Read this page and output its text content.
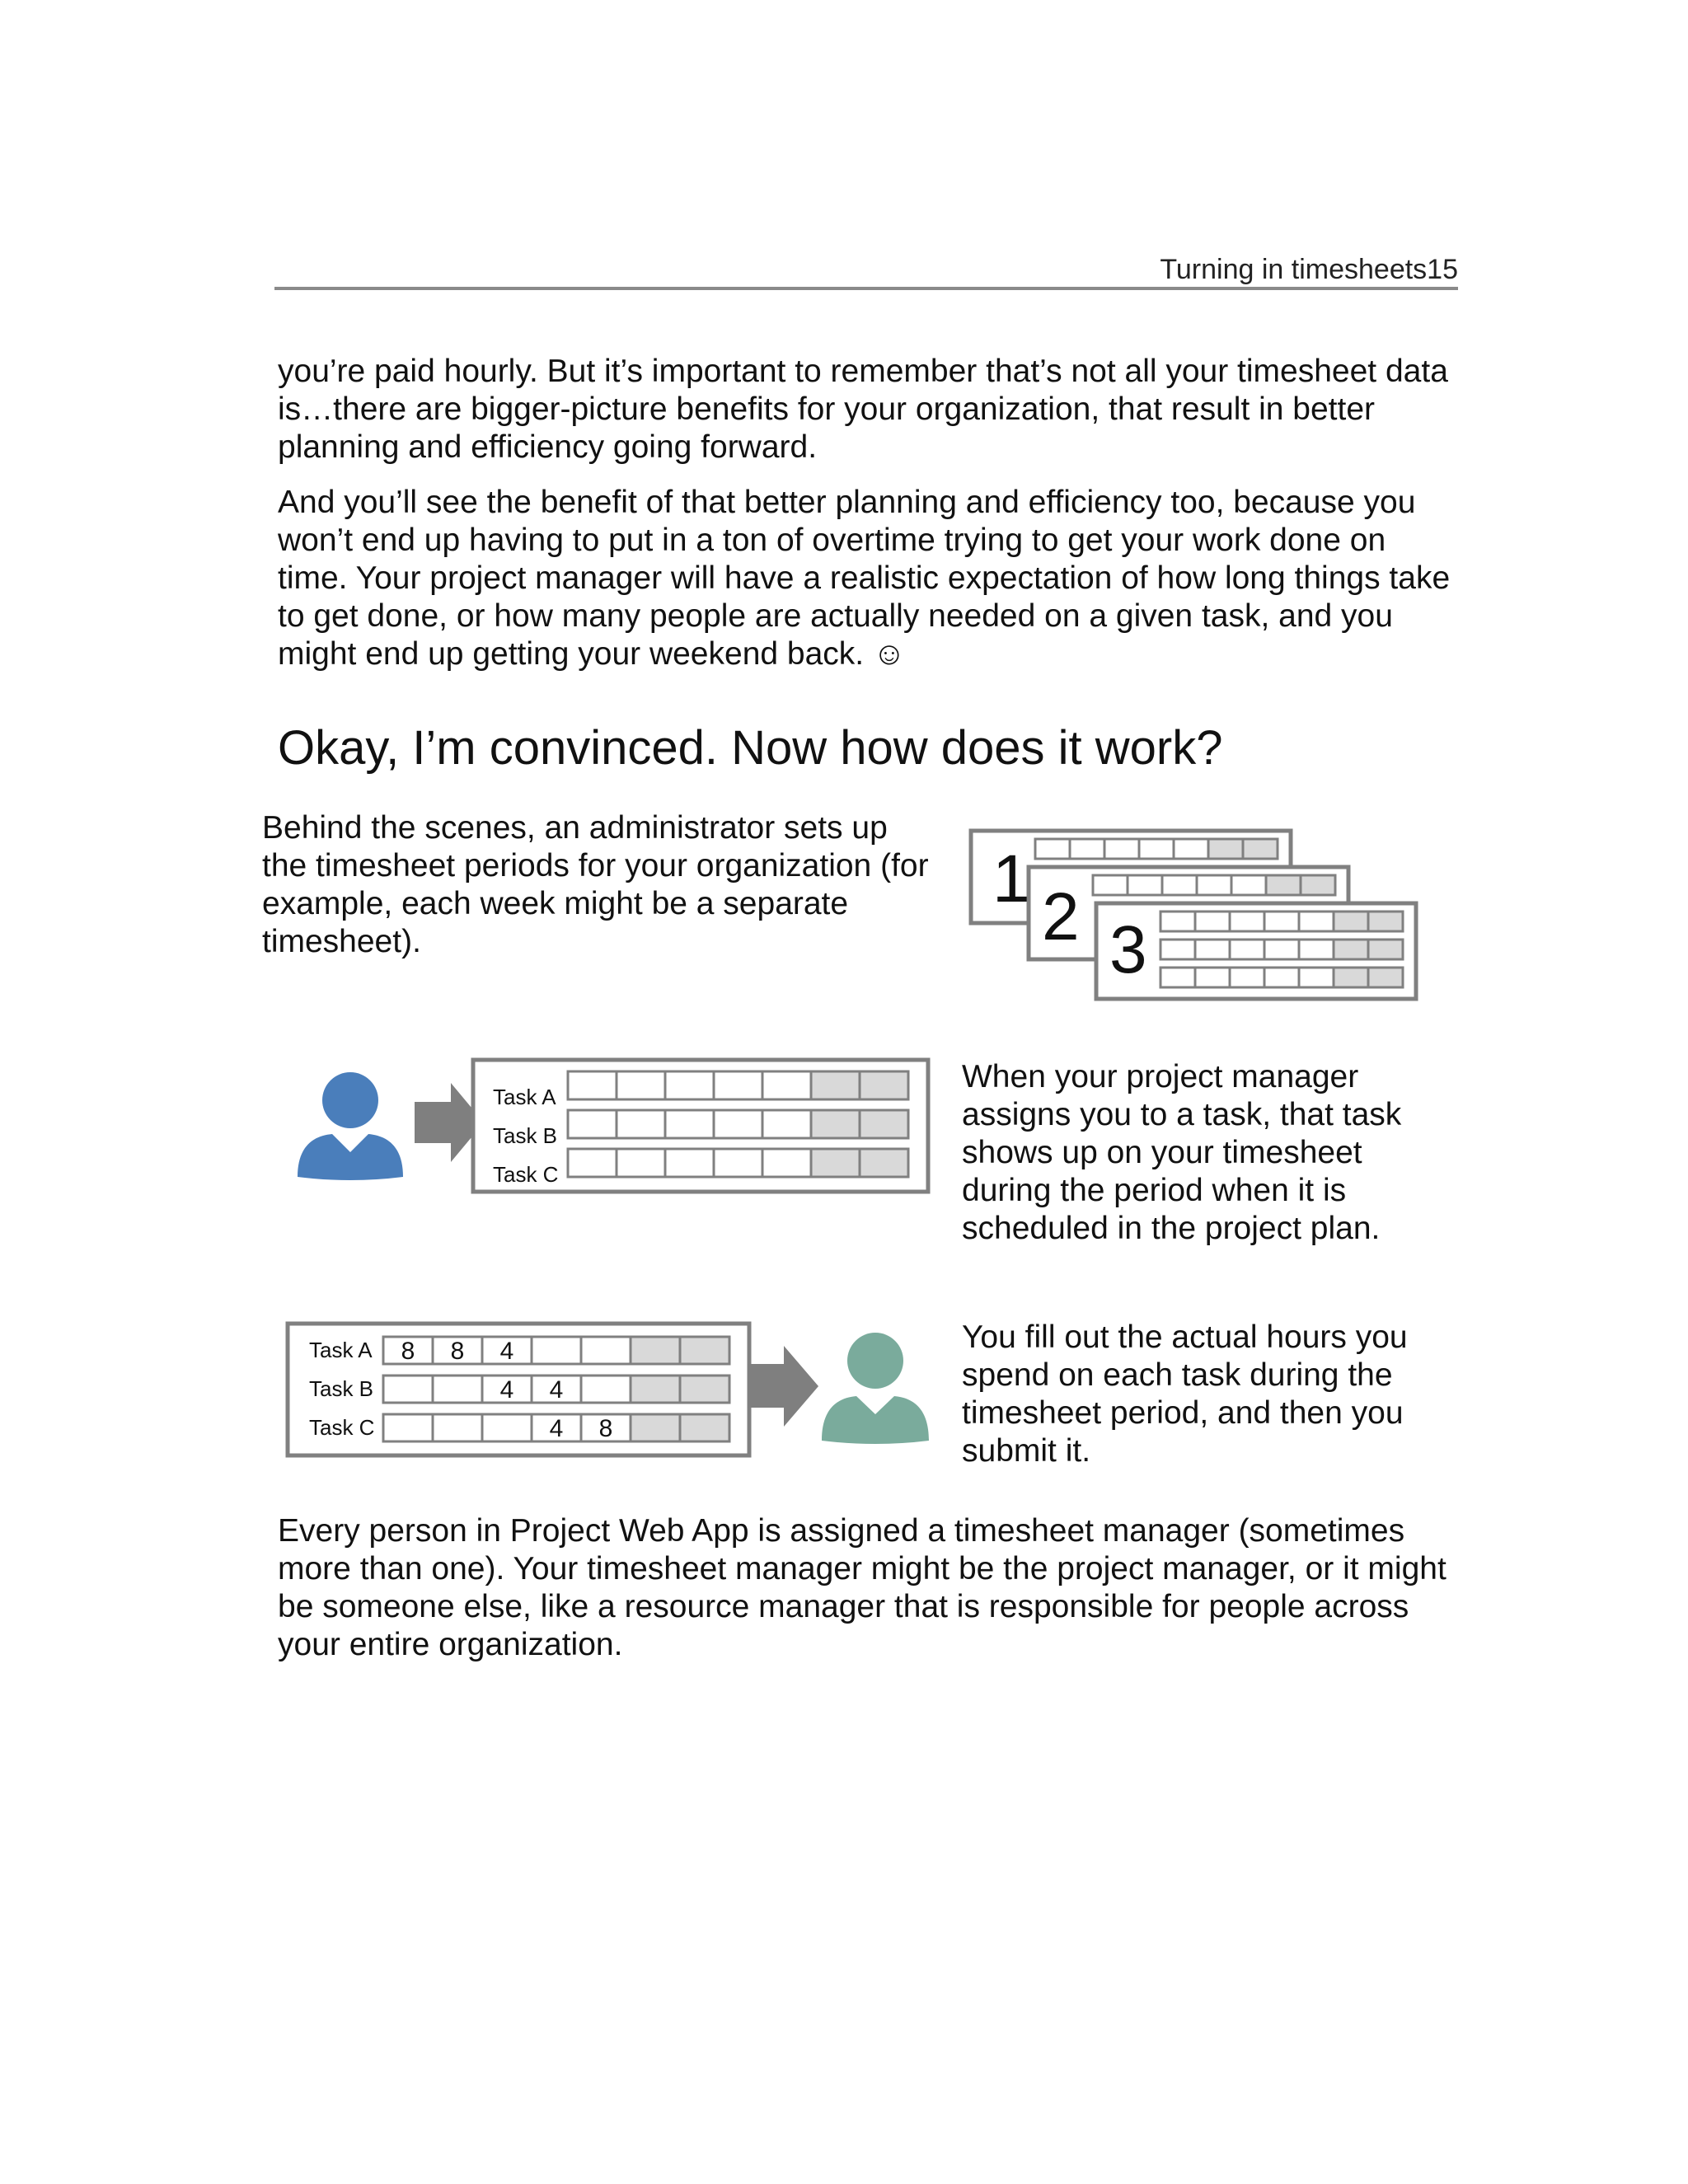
Turning in timesheets15

you’re paid hourly. But it’s important to remember that’s not all your timesheet data is…there are bigger-picture benefits for your organization, that result in better planning and efficiency going forward.

And you’ll see the benefit of that better planning and efficiency too, because you won’t end up having to put in a ton of overtime trying to get your work done on time. Your project manager will have a realistic expectation of how long things take to get done, or how many people are actually needed on a given task, and you might end up getting your weekend back. ☺

Okay, I’m convinced. Now how does it work?

Behind the scenes, an administrator sets up the timesheet periods for your organization (for example, each week might be a separate timesheet).

1
2 3
Task A
Task B
Task C

When your project manager assigns you to a task, that task shows up on your timesheet during the period when it is scheduled in the project plan.

Task A
Task B
Task C
8 8 4
4 4
4 8

You fill out the actual hours you spend on each task during the timesheet period, and then you submit it.

Every person in Project Web App is assigned a timesheet manager (sometimes more than one). Your timesheet manager might be the project manager, or it might be someone else, like a resource manager that is responsible for people across your entire organization.
